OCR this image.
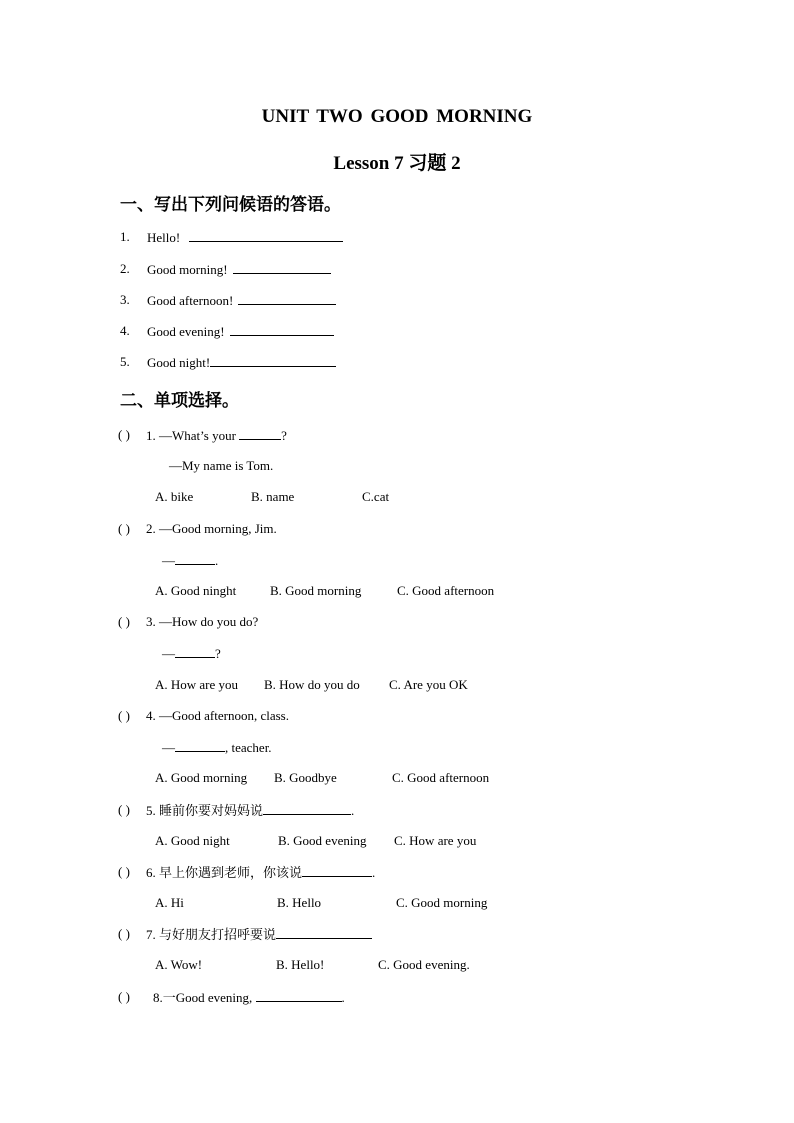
UNIT TWO GOOD MORNING
Lesson 7 习题 2
一、写出下列问候语的答语。
1. Hello!
2. Good morning!
3. Good afternoon!
4. Good evening!
5. Good night!
二、单项选择。
( ) 1. —What’s your	?
—My name is Tom.
A. bike	B. name	C.cat
( ) 2. —Good morning, Jim.
—	.
A. Good ninght	B. Good morning	C. Good afternoon
( ) 3. —How do you do?
—	?
A. How are you B. How do you do C. Are you OK
( ) 4. —Good afternoon, class.
—	, teacher.
A. Good morning B. Goodbye	C. Good afternoon
( ) 5. 睡前你要对妈妈说	.
A. Good night	B. Good evening C. How are you
( ) 6. 早上你遇到老师，你该说	.
A. Hi	B. Hello	C. Good morning
( ) 7. 与好朋友打招呼要说
A. Wow!	B. Hello!	C. Good evening.
( ) 8.一Good evening,	.
